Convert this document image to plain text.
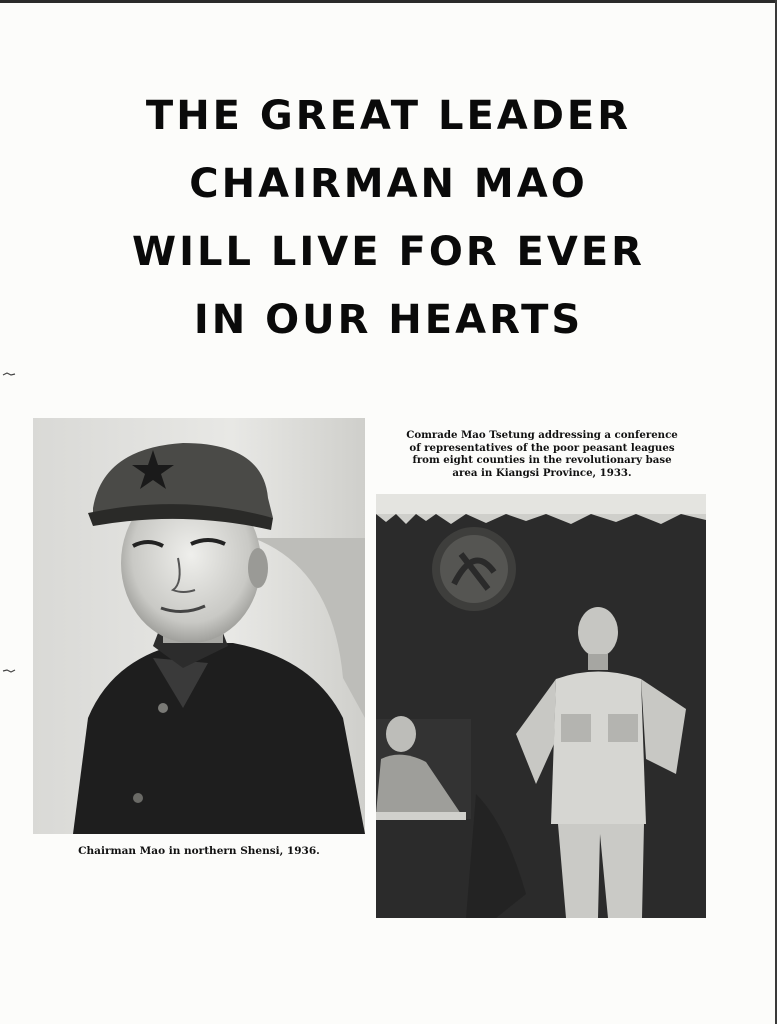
THE GREAT LEADER
CHAIRMAN MAO
WILL LIVE FOR EVER
IN OUR HEARTS
Chairman Mao in northern Shensi, 1936.
Comrade Mao Tsetung addressing a conference of representatives of the poor peasant leagues from eight counties in the revolutionary base area in Kiangsi Province, 1933.
